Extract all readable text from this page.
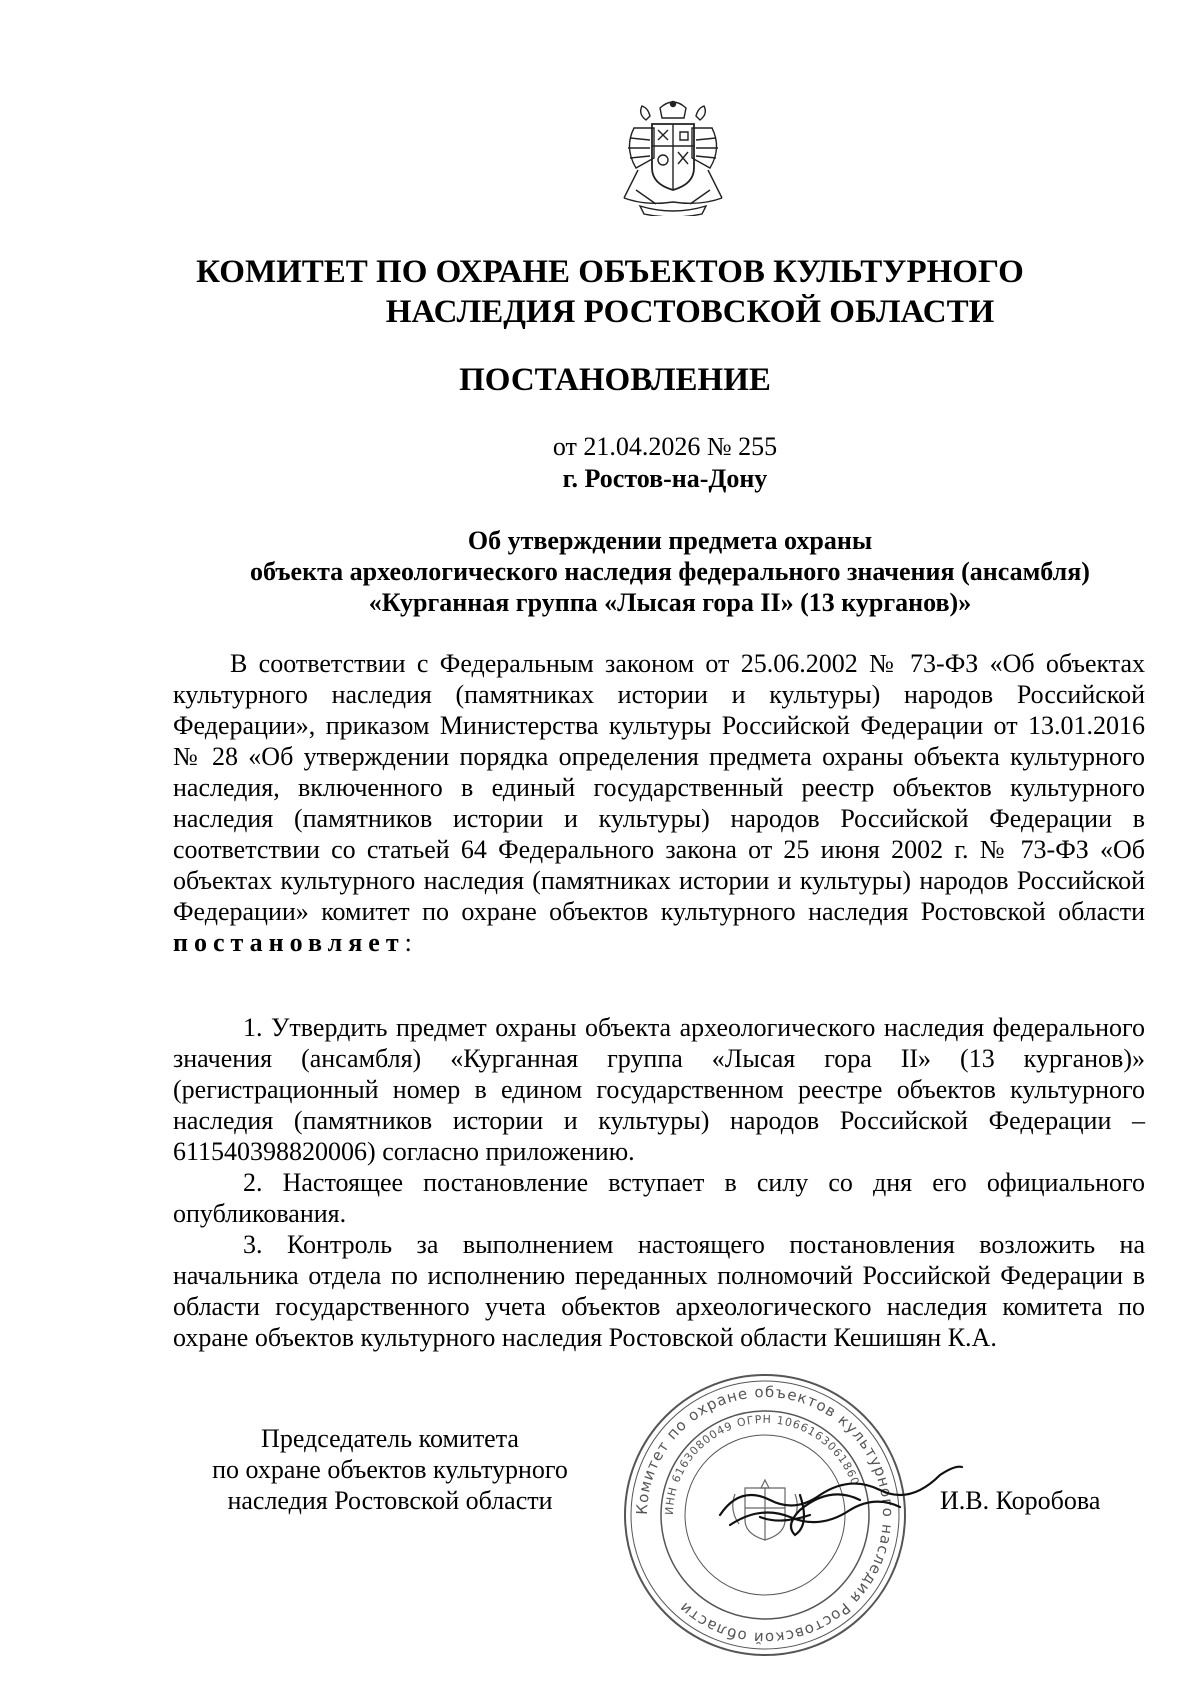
КОМИТЕТ ПО ОХРАНЕ ОБЪЕКТОВ КУЛЬТУРНОГО
НАСЛЕДИЯ РОСТОВСКОЙ ОБЛАСТИ
ПОСТАНОВЛЕНИЕ
от 21.04.2026 № 255
г. Ростов-на-Дону
Об утверждении предмета охраны
объекта археологического наследия федерального значения (ансамбля)
«Курганная группа «Лысая гора II» (13 курганов)»
В соответствии с Федеральным законом от 25.06.2002 № 73-ФЗ «Об объектах культурного наследия (памятниках истории и культуры) народов Российской Федерации», приказом Министерства культуры Российской Федерации от 13.01.2016 № 28 «Об утверждении порядка определения предмета охраны объекта культурного наследия, включенного в единый государственный реестр объектов культурного наследия (памятников истории и культуры) народов Российской Федерации в соответствии со статьей 64 Федерального закона от 25 июня 2002 г. № 73-ФЗ «Об объектах культурного наследия (памятниках истории и культуры) народов Российской Федерации» комитет по охране объектов культурного наследия Ростовской области постановляет:

1. Утвердить предмет охраны объекта археологического наследия федерального значения (ансамбля) «Курганная группа «Лысая гора II» (13 курганов)» (регистрационный номер в едином государственном реестре объектов культурного наследия (памятников истории и культуры) народов Российской Федерации – 611540398820006) согласно приложению.

2. Настоящее постановление вступает в силу со дня его официального опубликования.

3. Контроль за выполнением настоящего постановления возложить на начальника отдела по исполнению переданных полномочий Российской Федерации в области государственного учета объектов археологического наследия комитета по охране объектов культурного наследия Ростовской области Кешишян К.А.

Председатель комитета
по охране объектов культурного
наследия Ростовской области	И.В. Коробова
Комитет по охране объектов культурного наследия Ростовской области
ИНН 6163080049 ОГРН 1066163061860
